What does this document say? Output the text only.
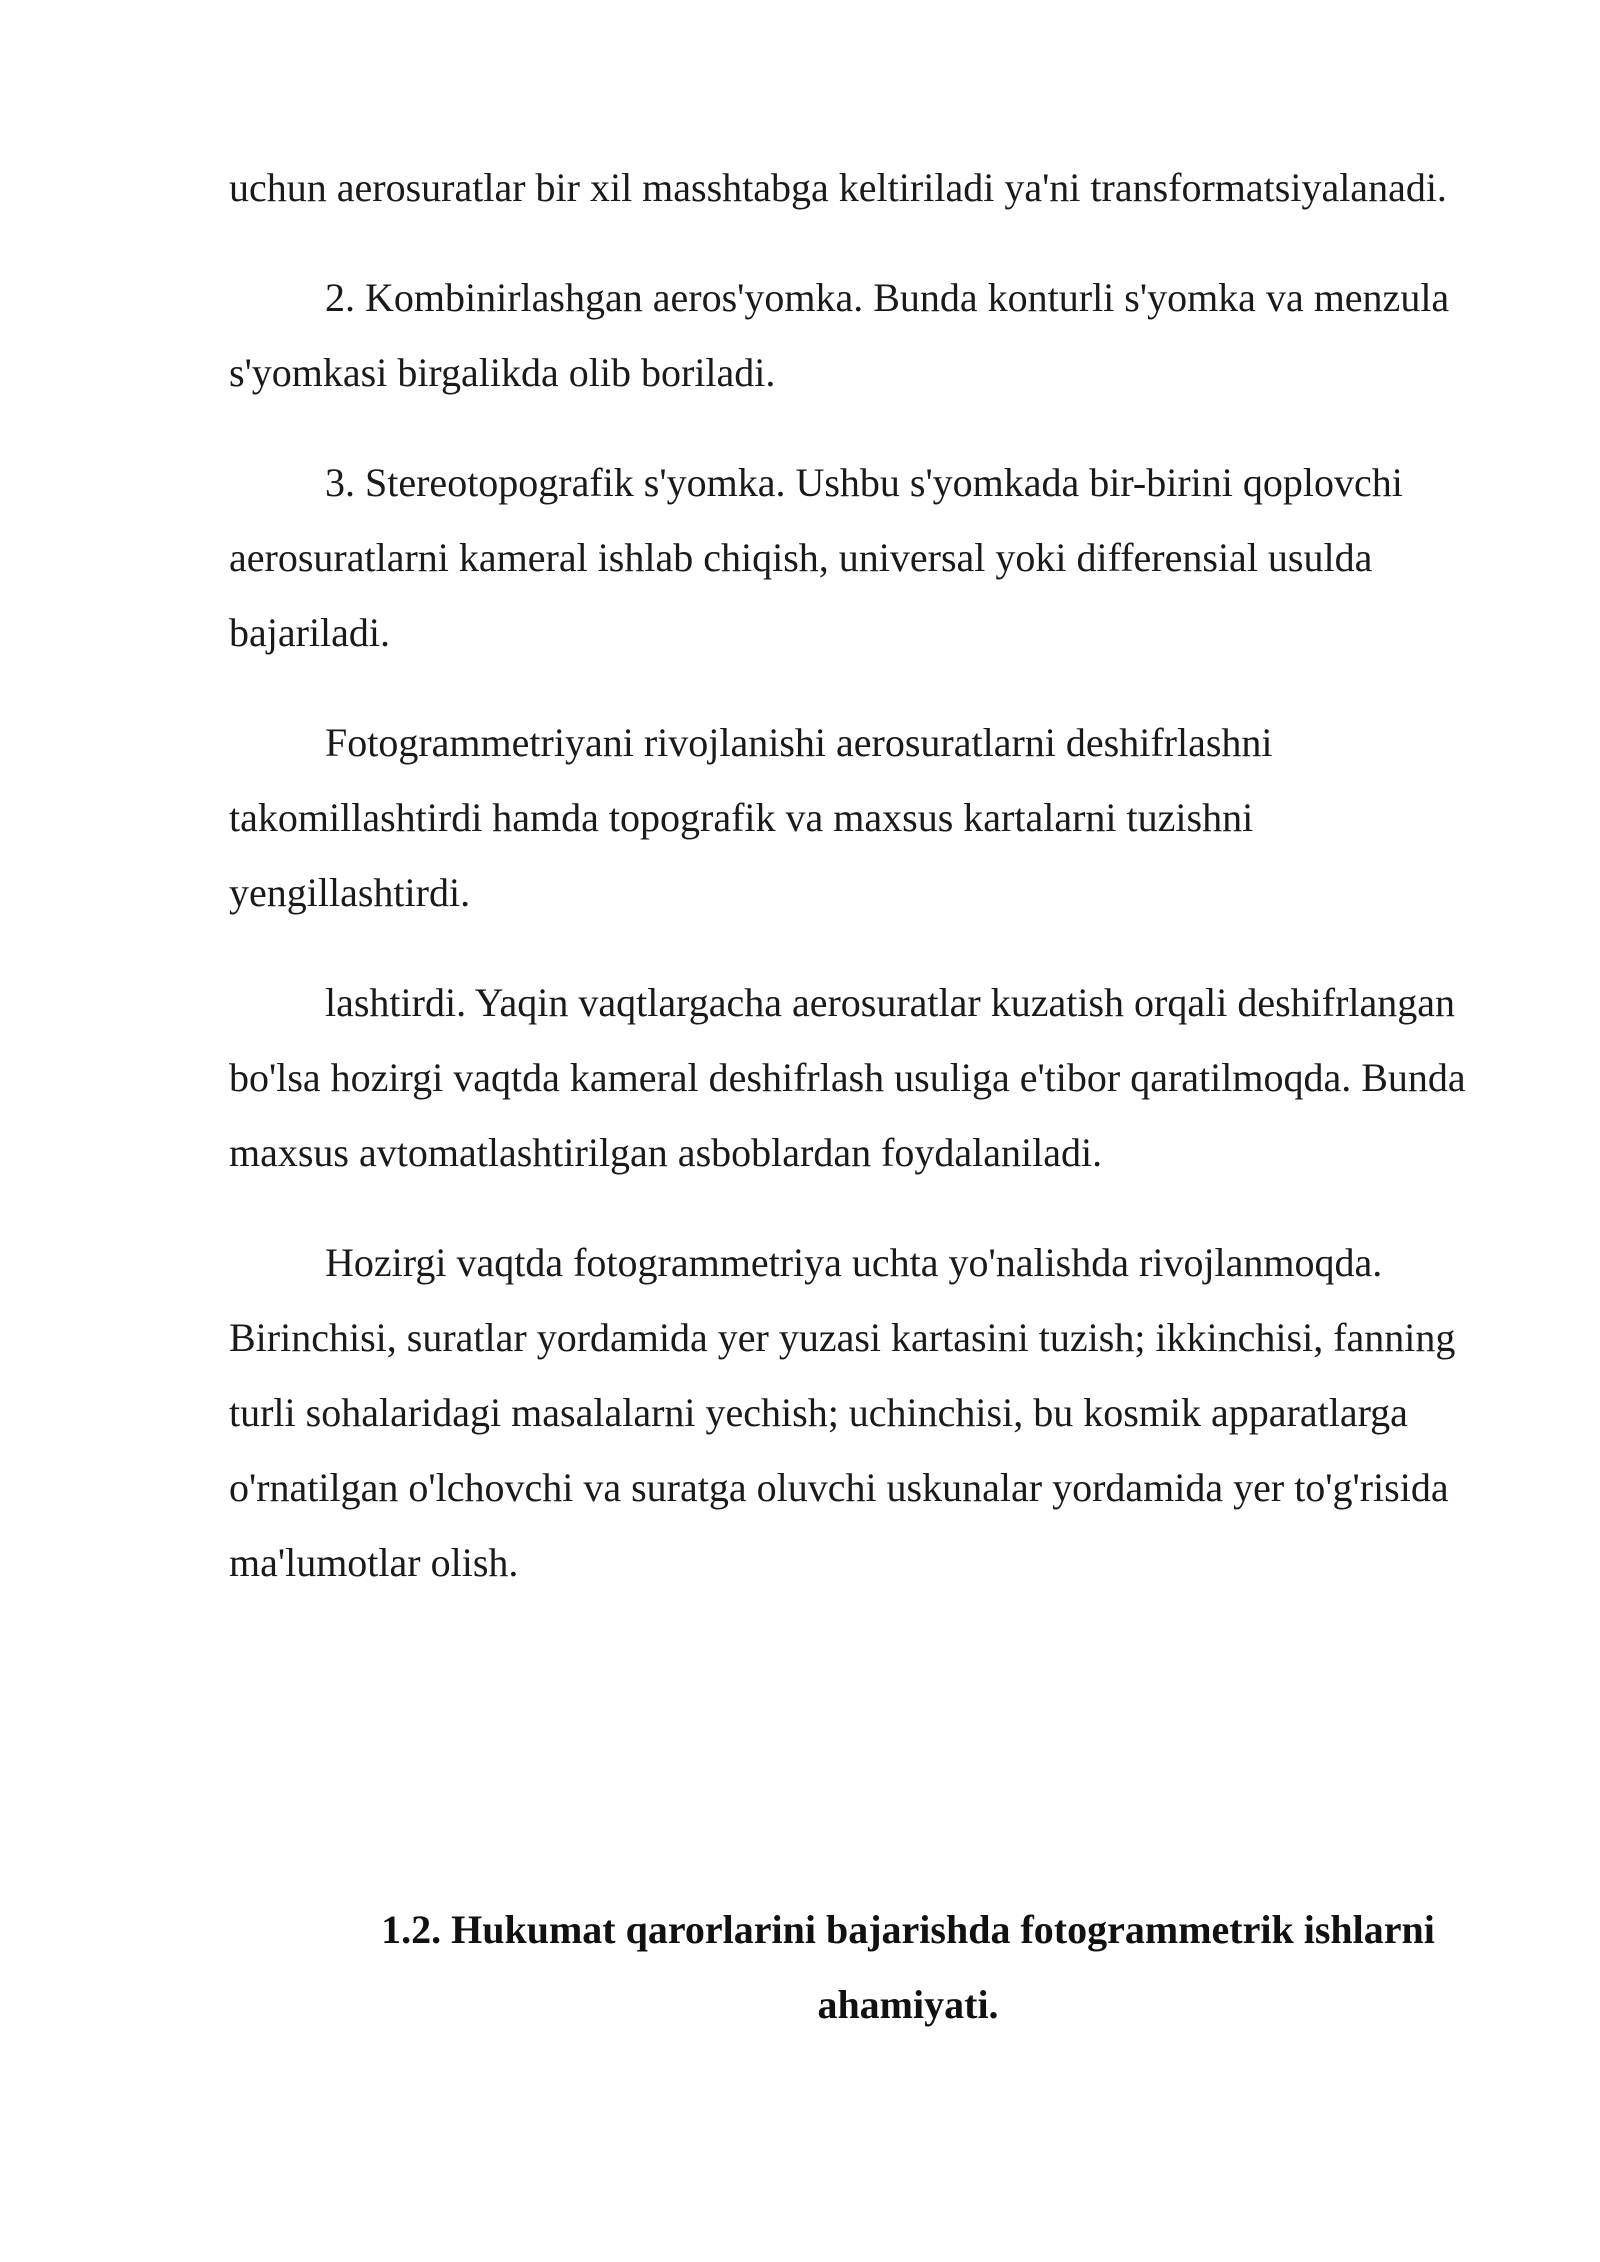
uchun aerosuratlar bir xil masshtabga keltiriladi ya'ni transformatsiyalanadi.

2. Kombinirlashgan aeros'yomka. Bunda konturli s'yomka va menzula s'yomkasi birgalikda olib boriladi.

3. Stereotopografik s'yomka. Ushbu s'yomkada bir-birini qoplovchi aerosuratlarni kameral ishlab chiqish, universal yoki differensial usulda bajariladi.

Fotogrammetriyani rivojlanishi aerosuratlarni deshifrlashni takomillashtirdi hamda topografik va maxsus kartalarni tuzishni yengillashtirdi.

lashtirdi. Yaqin vaqtlargacha aerosuratlar kuzatish orqali deshifrlangan bo'lsa hozirgi vaqtda kameral deshifrlash usuliga e'tibor qaratilmoqda. Bunda maxsus avtomatlashtirilgan asboblardan foydalaniladi.

Hozirgi vaqtda fotogrammetriya uchta yo'nalishda rivojlanmoqda. Birinchisi, suratlar yordamida yer yuzasi kartasini tuzish; ikkinchisi, fanning turli sohalaridagi masalalarni yechish; uchinchisi, bu kosmik apparatlarga o'rnatilgan o'lchovchi va suratga oluvchi uskunalar yordamida yer to'g'risida ma'lumotlar olish.

1.2. Hukumat qarorlarini bajarishda fotogrammetrik ishlarni ahamiyati.
